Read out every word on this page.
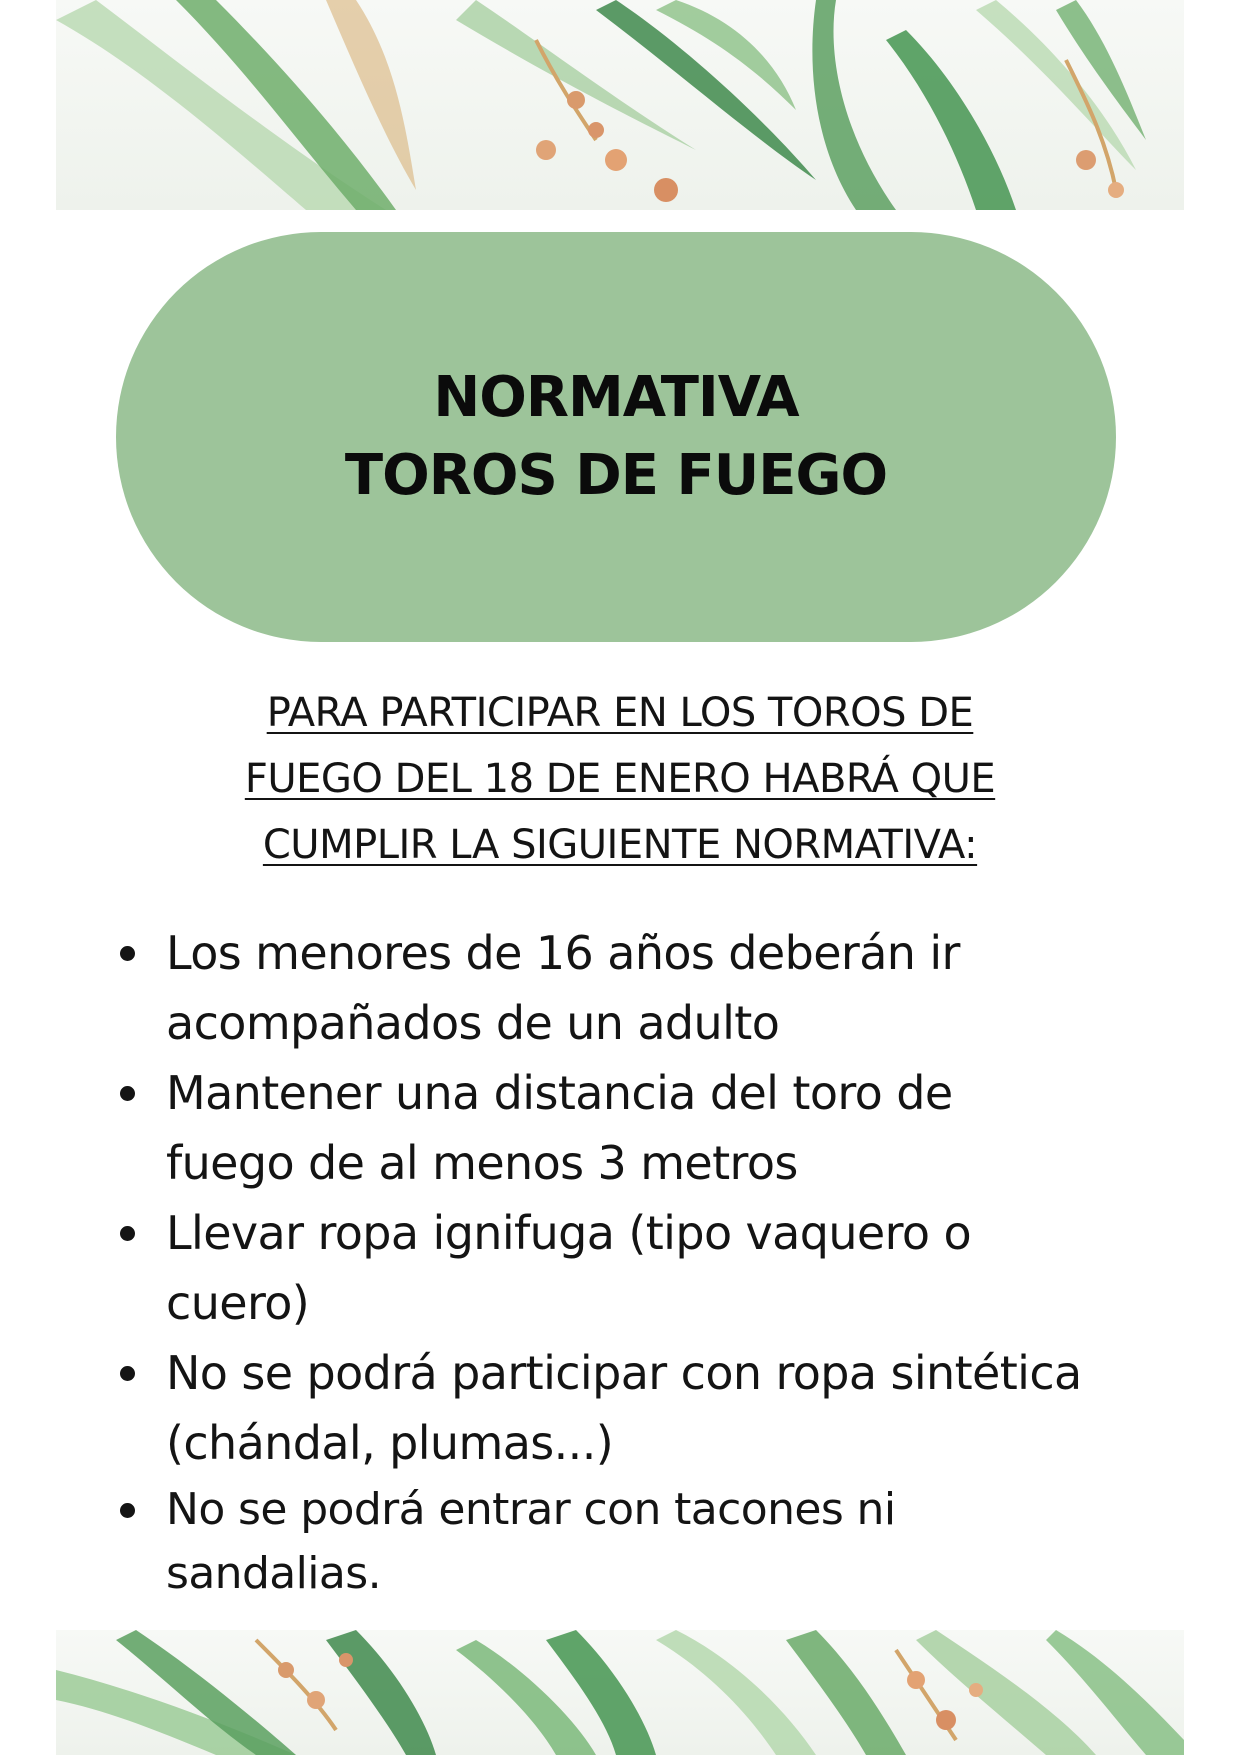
NORMATIVA
TOROS DE FUEGO
PARA PARTICIPAR EN LOS TOROS DE
FUEGO DEL 18 DE ENERO HABRÁ QUE
CUMPLIR LA SIGUIENTE NORMATIVA:
Los menores de 16 años deberán ir
acompañados de un adulto
Mantener una distancia del toro de
fuego de al menos 3 metros
Llevar ropa ignifuga (tipo vaquero o
cuero)
No se podrá participar con ropa sintética
(chándal, plumas...)
No se podrá entrar con tacones ni
sandalias.
